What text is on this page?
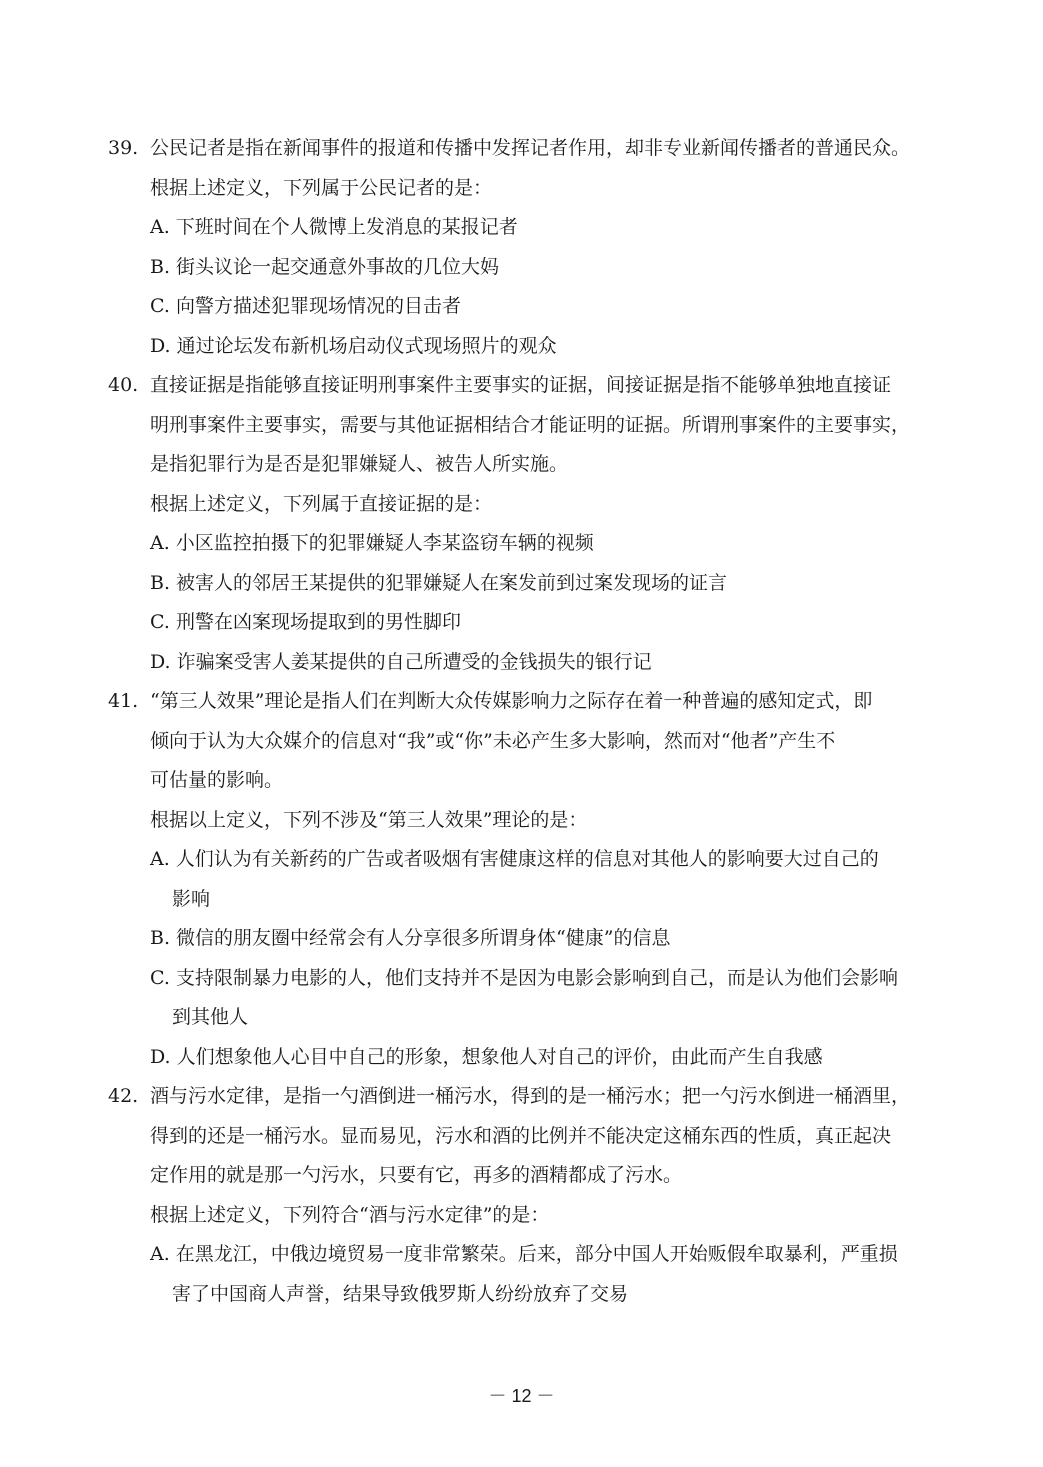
39. 公民记者是指在新闻事件的报道和传播中发挥记者作用，却非专业新闻传播者的普通民众。
根据上述定义，下列属于公民记者的是：
A. 下班时间在个人微博上发消息的某报记者
B. 街头议论一起交通意外事故的几位大妈
C. 向警方描述犯罪现场情况的目击者
D. 通过论坛发布新机场启动仪式现场照片的观众
40. 直接证据是指能够直接证明刑事案件主要事实的证据，间接证据是指不能够单独地直接证
明刑事案件主要事实，需要与其他证据相结合才能证明的证据。所谓刑事案件的主要事实，
是指犯罪行为是否是犯罪嫌疑人、被告人所实施。
根据上述定义，下列属于直接证据的是：
A. 小区监控拍摄下的犯罪嫌疑人李某盗窃车辆的视频
B. 被害人的邻居王某提供的犯罪嫌疑人在案发前到过案发现场的证言
C. 刑警在凶案现场提取到的男性脚印
D. 诈骗案受害人姜某提供的自己所遭受的金钱损失的银行记
41. “第三人效果”理论是指人们在判断大众传媒影响力之际存在着一种普遍的感知定式，即
倾向于认为大众媒介的信息对“我”或“你”未必产生多大影响，然而对“他者”产生不
可估量的影响。
根据以上定义，下列不涉及“第三人效果”理论的是：
A. 人们认为有关新药的广告或者吸烟有害健康这样的信息对其他人的影响要大过自己的
影响
B. 微信的朋友圈中经常会有人分享很多所谓身体“健康”的信息
C. 支持限制暴力电影的人，他们支持并不是因为电影会影响到自己，而是认为他们会影响
到其他人
D. 人们想象他人心目中自己的形象，想象他人对自己的评价，由此而产生自我感
42. 酒与污水定律，是指一勺酒倒进一桶污水，得到的是一桶污水；把一勺污水倒进一桶酒里，
得到的还是一桶污水。显而易见，污水和酒的比例并不能决定这桶东西的性质，真正起决
定作用的就是那一勺污水，只要有它，再多的酒精都成了污水。
根据上述定义，下列符合“酒与污水定律”的是：
A. 在黑龙江，中俄边境贸易一度非常繁荣。后来，部分中国人开始贩假牟取暴利，严重损
害了中国商人声誉，结果导致俄罗斯人纷纷放弃了交易
－ 12 －
